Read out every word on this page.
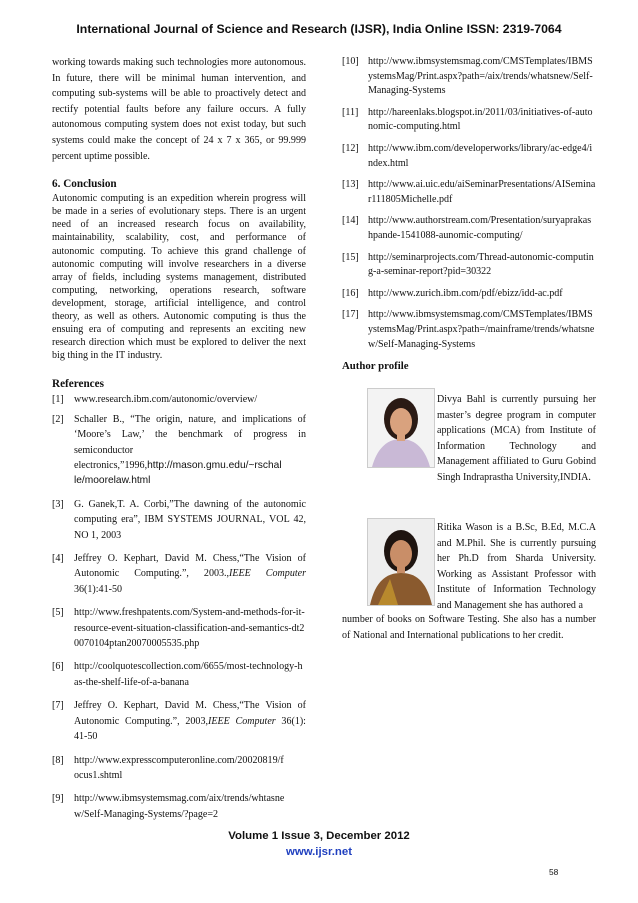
International Journal of Science and Research (IJSR), India Online ISSN: 2319-7064

working towards making such technologies more autonomous. In future, there will be minimal human intervention, and computing sub-systems will be able to proactively detect and rectify potential faults before any failure occurs. A fully autonomous computing system does not exist today, but such systems could make the concept of 24 x 7 x 365, or 99.999 percent uptime possible.

6. Conclusion

Autonomic computing is an expedition wherein progress will be made in a series of evolutionary steps. There is an urgent need of an increased research focus on availability, maintainability, scalability, cost, and performance of autonomic computing. To achieve this grand challenge of autonomic computing will involve researchers in a diverse array of fields, including systems management, distributed computing, networking, operations research, software development, storage, artificial intelligence, and control theory, as well as others. Autonomic computing is thus the ensuing era of computing and represents an exciting new research direction which must be explored to deliver the next big thing in the IT industry.

References
[1]	www.research.ibm.com/autonomic/overview/
[2]	Schaller B., “The origin, nature, and implications of ‘Moore’s Law,’ the benchmark of progress in semiconductor electronics,”1996,http://mason.gmu.edu/~rschal le/moorelaw.html
[3]	G. Ganek,T. A. Corbi,”The dawning of the autonomic computing era”, IBM SYSTEMS JOURNAL, VOL 42, NO 1, 2003
[4]	Jeffrey O. Kephart, David M. Chess,“The Vision of Autonomic Computing.”, 2003.,IEEE Computer 36(1):41-50
[5]	http://www.freshpatents.com/System-and-methods-for-it-resource-event-situation-classification-and-semantics-dt20070104ptan20070005535.php
[6]	http://coolquotescollection.com/6655/most-technology-has-the-shelf-life-of-a-banana
[7]	Jeffrey O. Kephart, David M. Chess,“The Vision of Autonomic Computing.”, 2003,IEEE Computer 36(1): 41-50
[8]	http://www.expresscomputeronline.com/20020819/f ocus1.shtml
[9]	http://www.ibmsystemsmag.com/aix/trends/whtasne w/Self-Managing-Systems/?page=2
[10] http://www.ibmsystemsmag.com/CMSTemplates/IBMSystemsMag/Print.aspx?path=/aix/trends/whatsnew/Self-Managing-Systems
[11] http://hareenlaks.blogspot.in/2011/03/initiatives-of-autonomic-computing.html
[12] http://www.ibm.com/developerworks/library/ac-edge4/index.html
[13] http://www.ai.uic.edu/aiSeminarPresentations/AISeminar111805Michelle.pdf
[14] http://www.authorstream.com/Presentation/suryaprakashpande-1541088-aunomic-computing/
[15] http://seminarprojects.com/Thread-autonomic-computing-a-seminar-report?pid=30322
[16] http://www.zurich.ibm.com/pdf/ebizz/idd-ac.pdf
[17] http://www.ibmsystemsmag.com/CMSTemplates/IBMSystemsMag/Print.aspx?path=/mainframe/trends/whatsnew/Self-Managing-Systems
Author profile
Divya Bahl is currently pursuing her master’s degree program in computer applications (MCA) from Institute of Information Technology and Management affiliated to Guru Gobind Singh Indraprastha University,INDIA.
Ritika Wason is a B.Sc, B.Ed, M.C.A and M.Phil. She is currently pursuing her Ph.D from Sharda University. Working as Assistant Professor with Institute of Information Technology and Management she has authored a
number of books on Software Testing. She also has a number of National and International publications to her credit.
Volume 1 Issue 3, December 2012
www.ijsr.net
58
